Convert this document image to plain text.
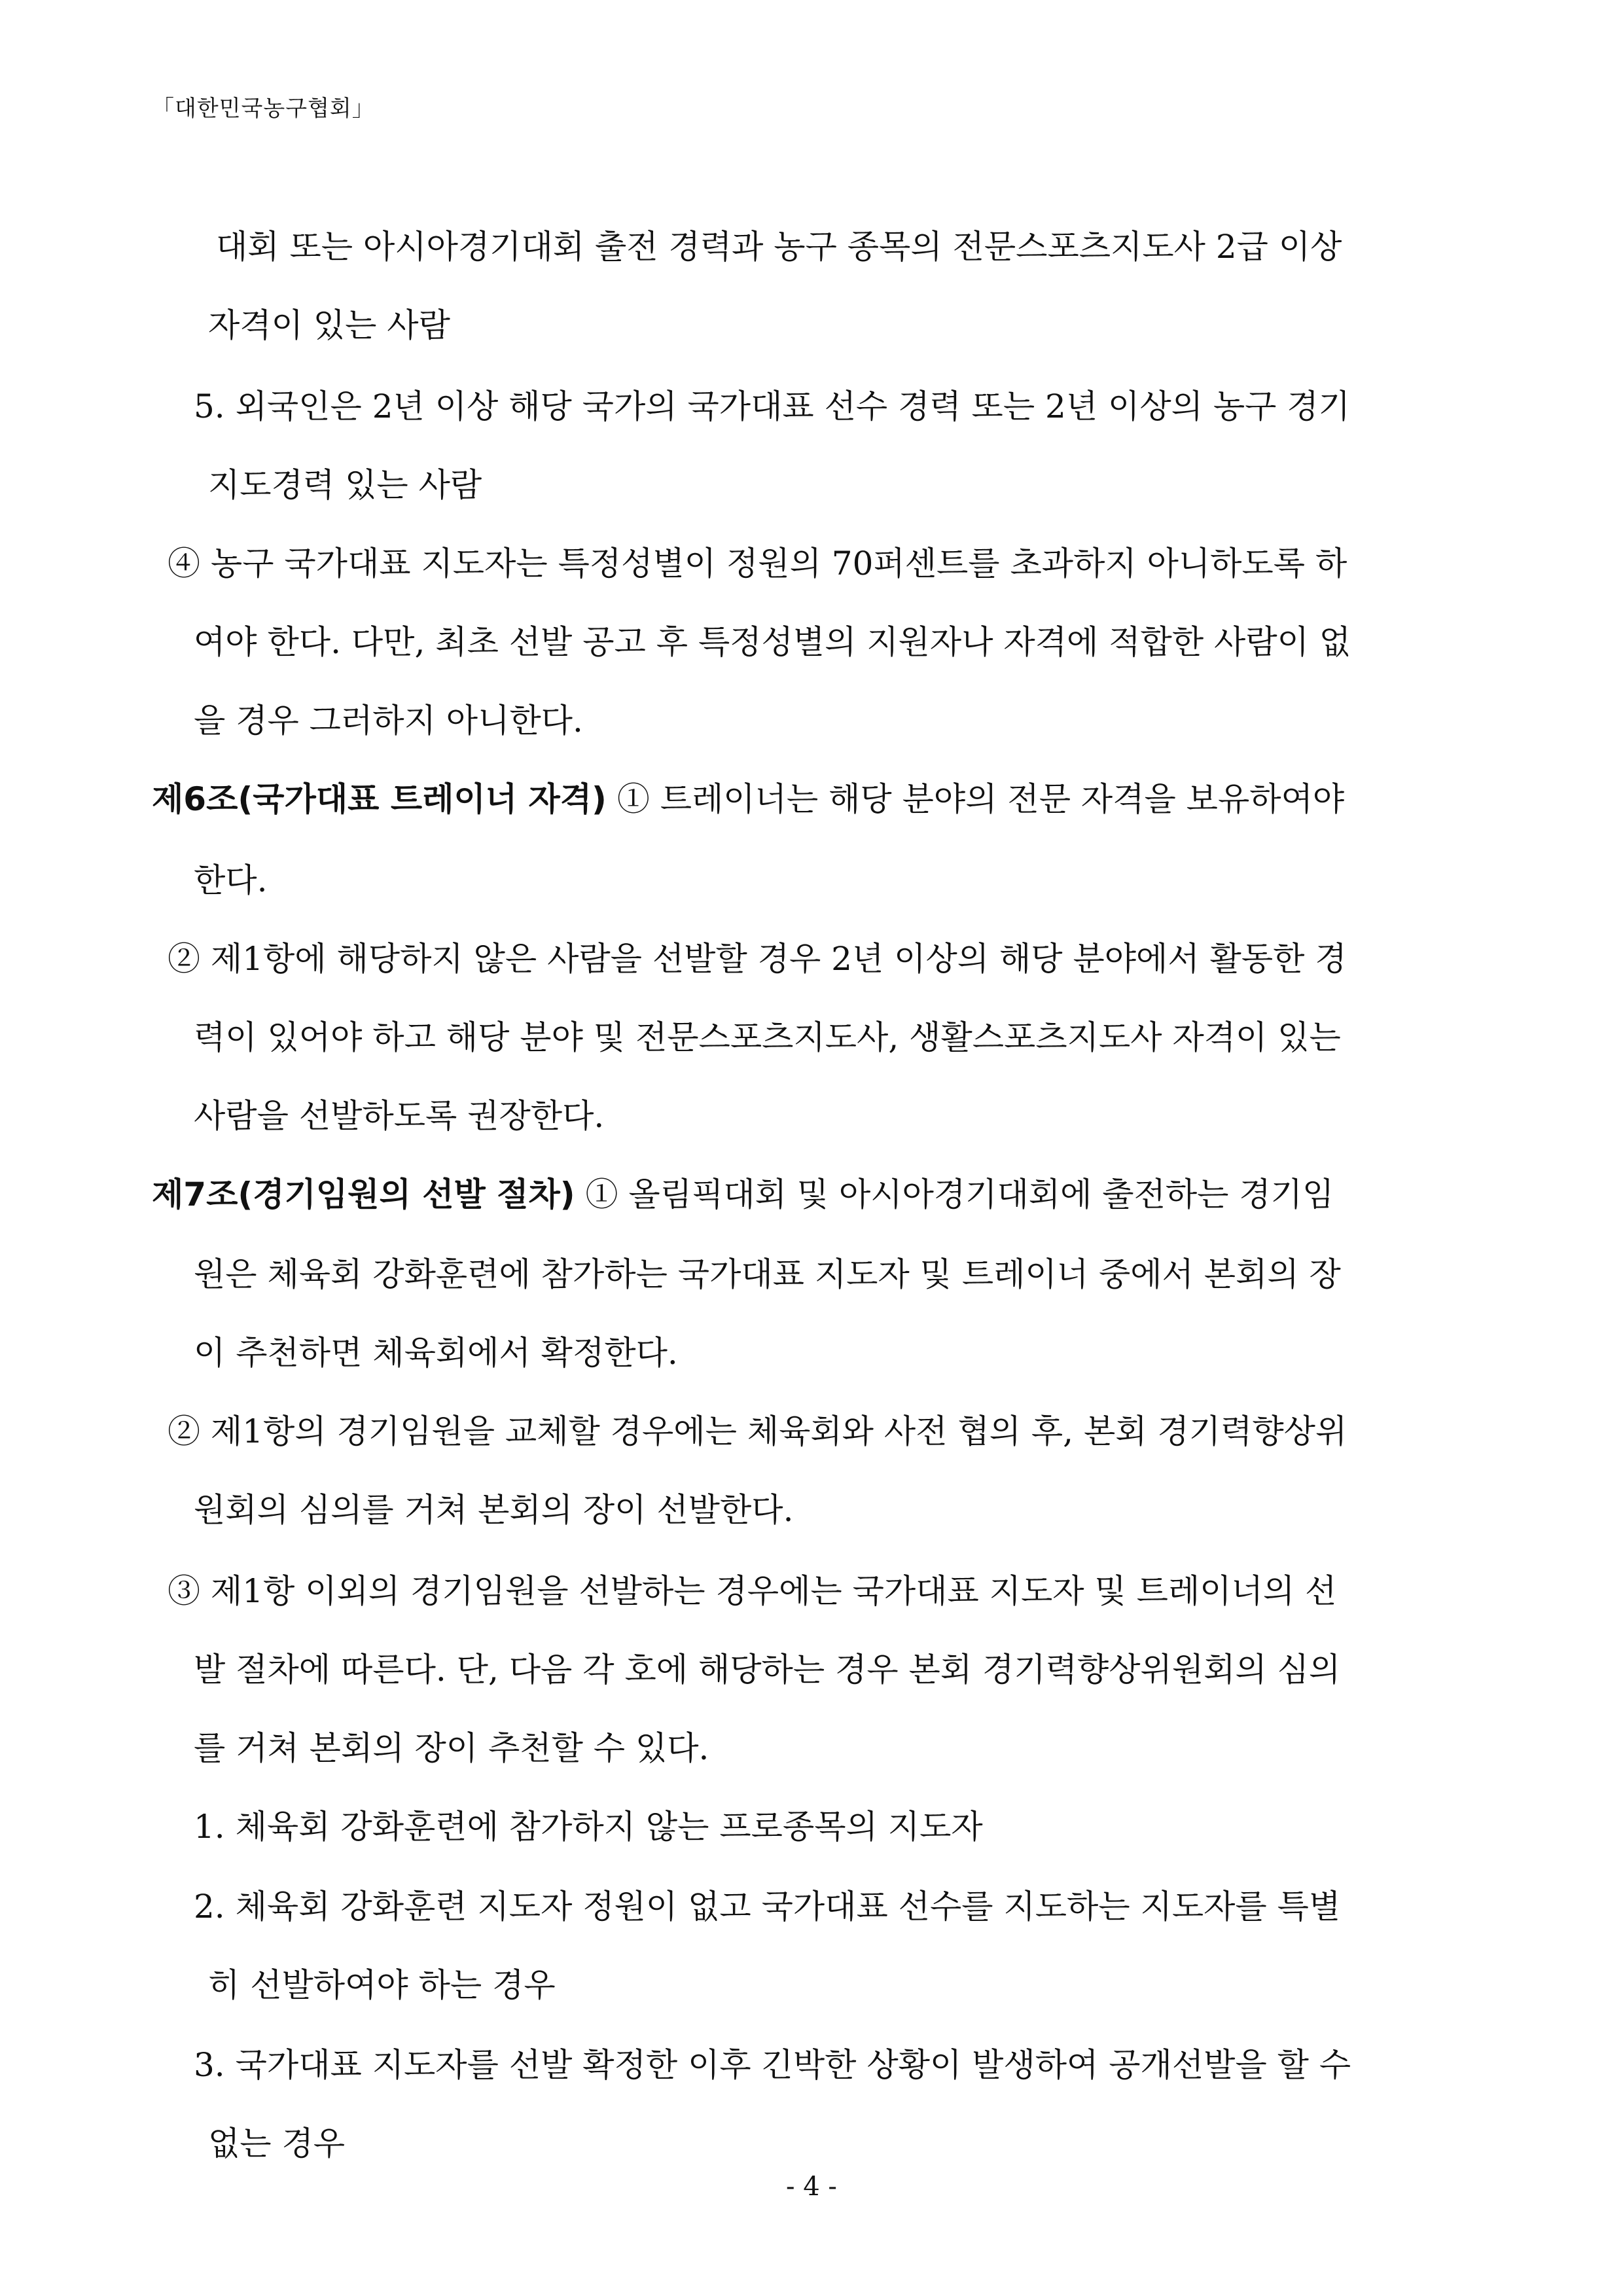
「대한민국농구협회」
대회 또는 아시아경기대회 출전 경력과 농구 종목의 전문스포츠지도사 2급 이상
자격이 있는 사람
5. 외국인은 2년 이상 해당 국가의 국가대표 선수 경력 또는 2년 이상의 농구 경기
지도경력 있는 사람
④ 농구 국가대표 지도자는 특정성별이 정원의 70퍼센트를 초과하지 아니하도록 하
여야 한다. 다만, 최초 선발 공고 후 특정성별의 지원자나 자격에 적합한 사람이 없
을 경우 그러하지 아니한다.
제6조(국가대표 트레이너 자격) ① 트레이너는 해당 분야의 전문 자격을 보유하여야
한다.
② 제1항에 해당하지 않은 사람을 선발할 경우 2년 이상의 해당 분야에서 활동한 경
력이 있어야 하고 해당 분야 및 전문스포츠지도사, 생활스포츠지도사 자격이 있는
사람을 선발하도록 권장한다.
제7조(경기임원의 선발 절차) ① 올림픽대회 및 아시아경기대회에 출전하는 경기임
원은 체육회 강화훈련에 참가하는 국가대표 지도자 및 트레이너 중에서 본회의 장
이 추천하면 체육회에서 확정한다.
② 제1항의 경기임원을 교체할 경우에는 체육회와 사전 협의 후, 본회 경기력향상위
원회의 심의를 거쳐 본회의 장이 선발한다.
③ 제1항 이외의 경기임원을 선발하는 경우에는 국가대표 지도자 및 트레이너의 선
발 절차에 따른다. 단, 다음 각 호에 해당하는 경우 본회 경기력향상위원회의 심의
를 거쳐 본회의 장이 추천할 수 있다.
1. 체육회 강화훈련에 참가하지 않는 프로종목의 지도자
2. 체육회 강화훈련 지도자 정원이 없고 국가대표 선수를 지도하는 지도자를 특별
히 선발하여야 하는 경우
3. 국가대표 지도자를 선발 확정한 이후 긴박한 상황이 발생하여 공개선발을 할 수
없는 경우
- 4 -
